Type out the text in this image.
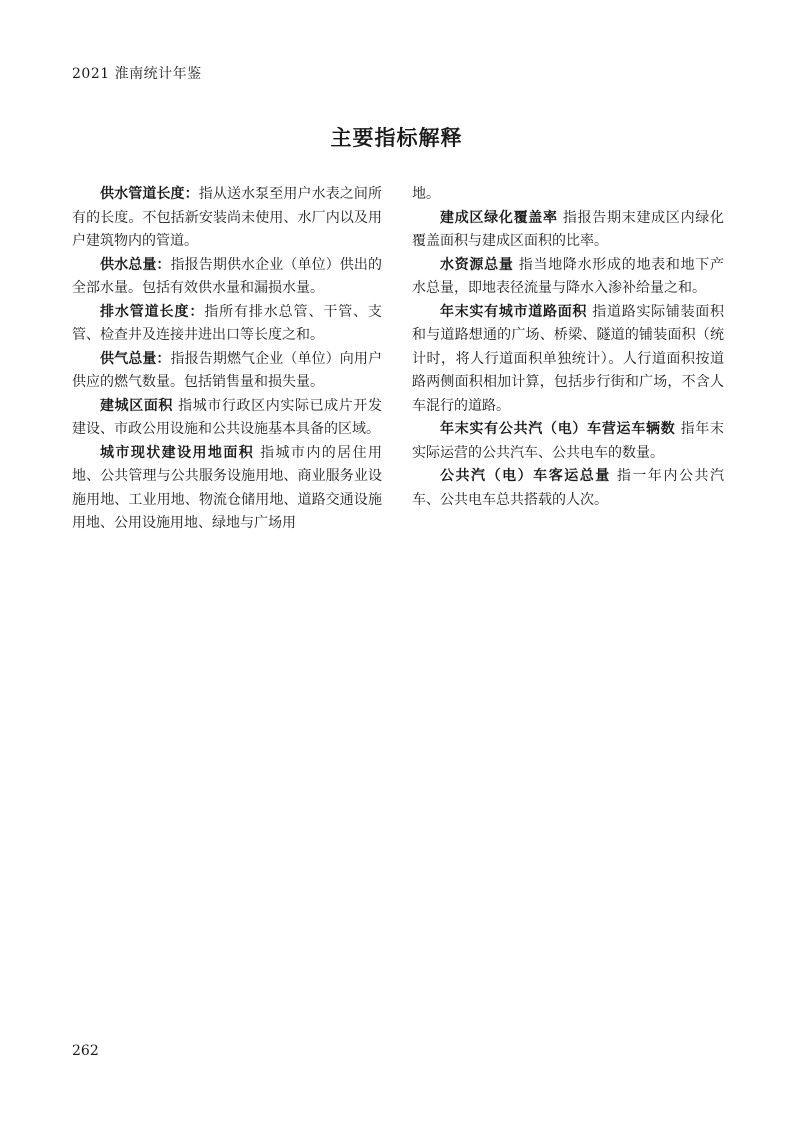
2021 淮南统计年鉴
主要指标解释

供水管道长度：指从送水泵至用户水表之间所有的长度。不包括新安装尚未使用、水厂内以及用户建筑物内的管道。

供水总量：指报告期供水企业（单位）供出的全部水量。包括有效供水量和漏损水量。

排水管道长度：指所有排水总管、干管、支管、检查井及连接井进出口等长度之和。

供气总量：指报告期燃气企业（单位）向用户供应的燃气数量。包括销售量和损失量。

建城区面积 指城市行政区内实际已成片开发建设、市政公用设施和公共设施基本具备的区域。

城市现状建设用地面积 指城市内的居住用地、公共管理与公共服务设施用地、商业服务业设施用地、工业用地、物流仓储用地、道路交通设施用地、公用设施用地、绿地与广场用

地。

建成区绿化覆盖率 指报告期末建成区内绿化覆盖面积与建成区面积的比率。

水资源总量 指当地降水形成的地表和地下产水总量，即地表径流量与降水入渗补给量之和。

年末实有城市道路面积 指道路实际铺装面积和与道路想通的广场、桥梁、隧道的铺装面积（统计时，将人行道面积单独统计）。人行道面积按道路两侧面积相加计算，包括步行街和广场，不含人车混行的道路。

年末实有公共汽（电）车营运车辆数 指年末实际运营的公共汽车、公共电车的数量。

公共汽（电）车客运总量 指一年内公共汽车、公共电车总共搭载的人次。

262
